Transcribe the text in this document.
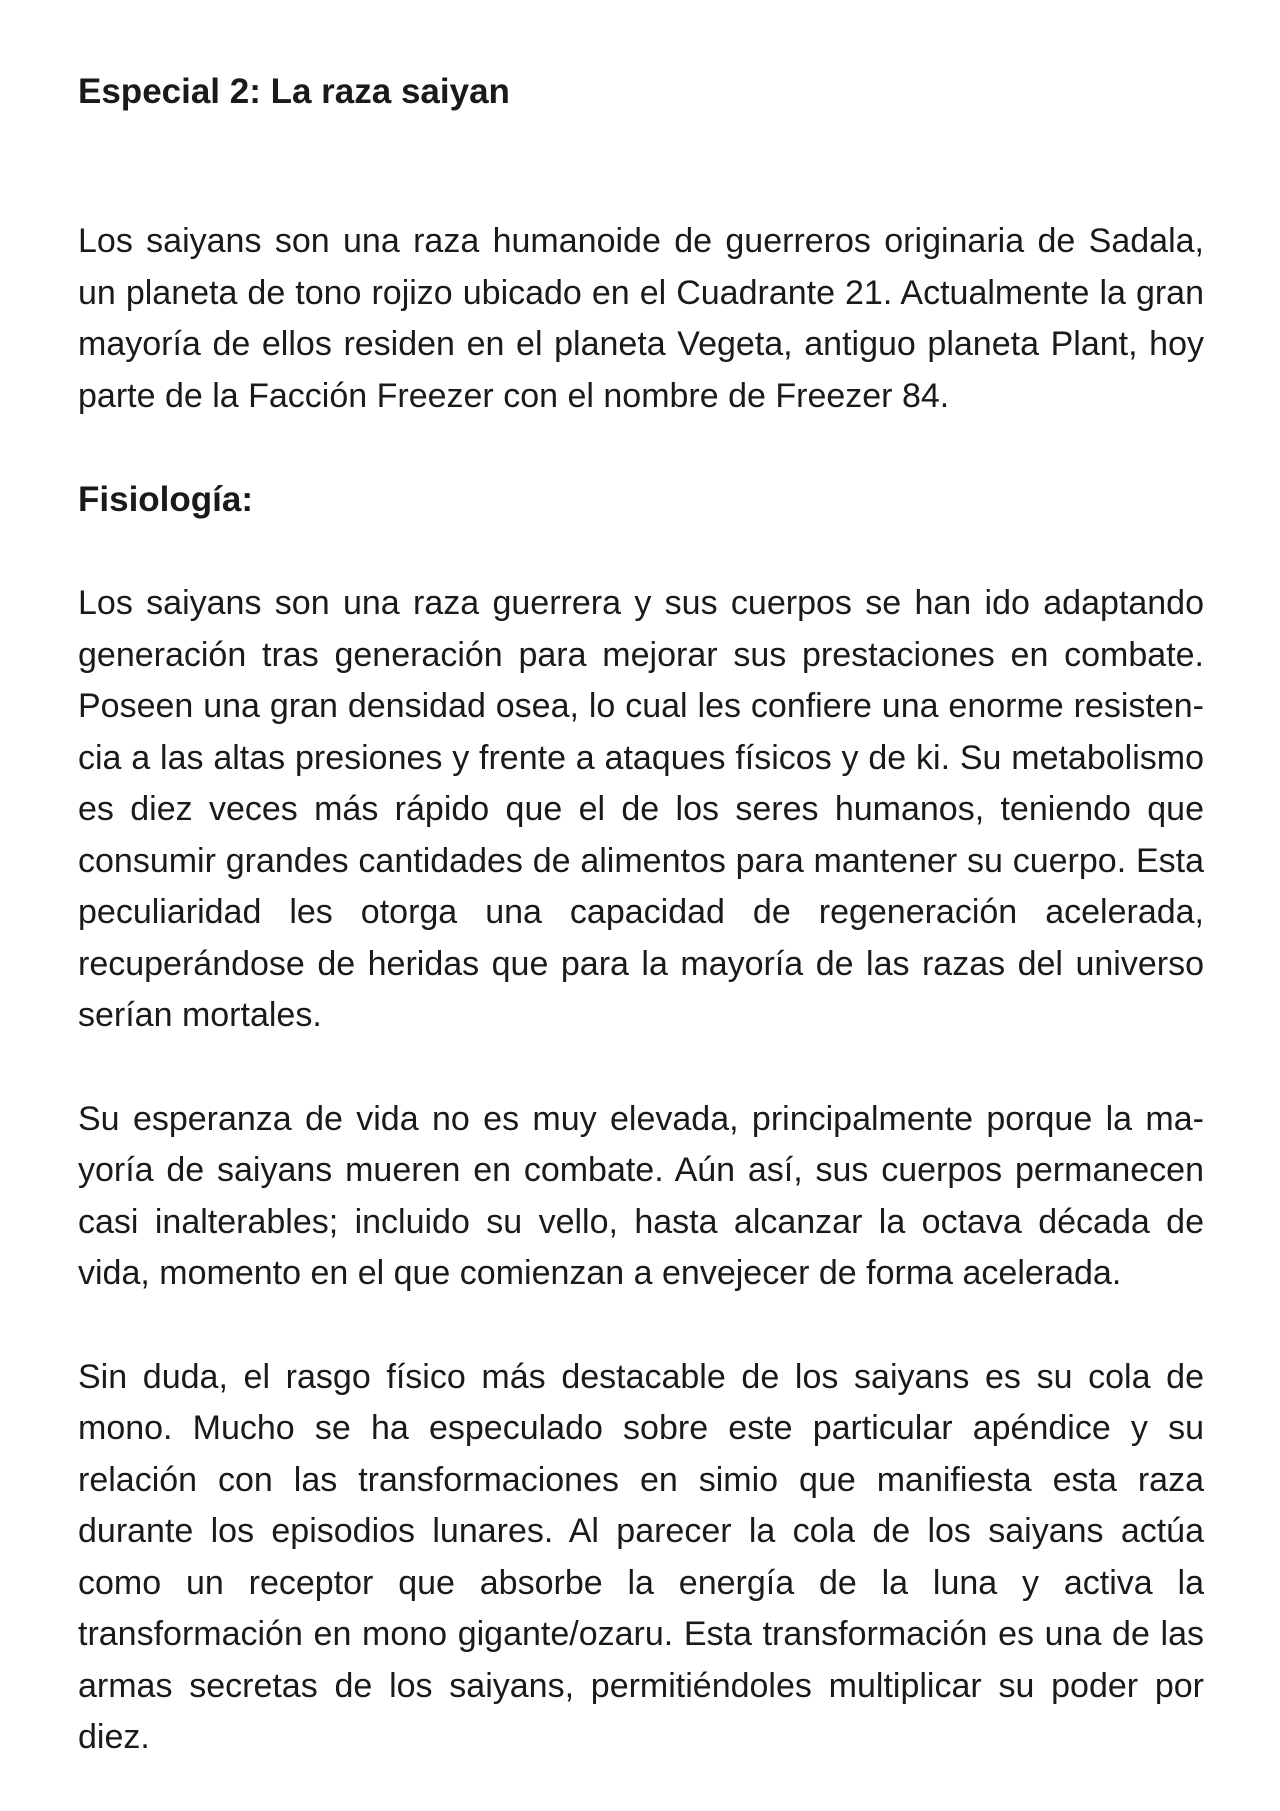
Especial 2: La raza saiyan

Los saiyans son una raza humanoide de guerreros originaria de Sadala, un planeta de tono rojizo ubicado en el Cuadrante 21. Actualmente la gran mayoría de ellos residen en el planeta Vegeta, antiguo planeta Plant, hoy parte de la Facción Freezer con el nombre de Freezer 84.

Fisiología:

Los saiyans son una raza guerrera y sus cuerpos se han ido adaptando generación tras generación para mejorar sus prestaciones en combate. Poseen una gran densidad osea, lo cual les confiere una enorme resistencia a las altas presiones y frente a ataques físicos y de ki. Su metabolismo es diez veces más rápido que el de los seres humanos, teniendo que consumir grandes cantidades de alimentos para mantener su cuerpo. Esta peculiaridad les otorga una capacidad de regeneración acelerada, recuperándose de heridas que para la mayoría de las razas del universo serían mortales.

Su esperanza de vida no es muy elevada, principalmente porque la mayoría de saiyans mueren en combate. Aún así, sus cuerpos permanecen casi inalterables; incluido su vello, hasta alcanzar la octava década de vida, momento en el que comienzan a envejecer de forma acelerada.

Sin duda, el rasgo físico más destacable de los saiyans es su cola de mono. Mucho se ha especulado sobre este particular apéndice y su relación con las transformaciones en simio que manifiesta esta raza durante los episodios lunares. Al parecer la cola de los saiyans actúa como un receptor que absorbe la energía de la luna y activa la transformación en mono gigante/ozaru. Esta transformación es una de las armas secretas de los saiyans, permitiéndoles multiplicar su poder por diez.
